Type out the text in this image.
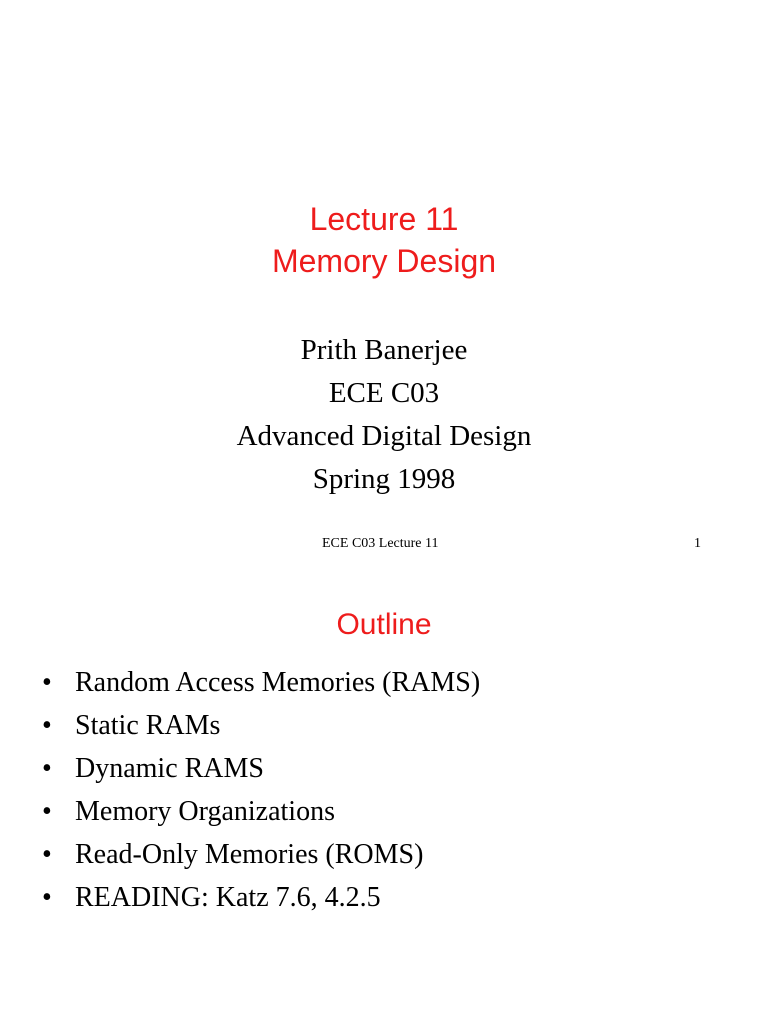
Lecture 11
Memory Design
Prith Banerjee
ECE C03
Advanced Digital Design
Spring 1998
ECE C03 Lecture 11	1
Outline
• Random Access Memories (RAMS)
• Static RAMs
• Dynamic RAMS
• Memory Organizations
• Read-Only Memories (ROMS)
• READING: Katz 7.6, 4.2.5
